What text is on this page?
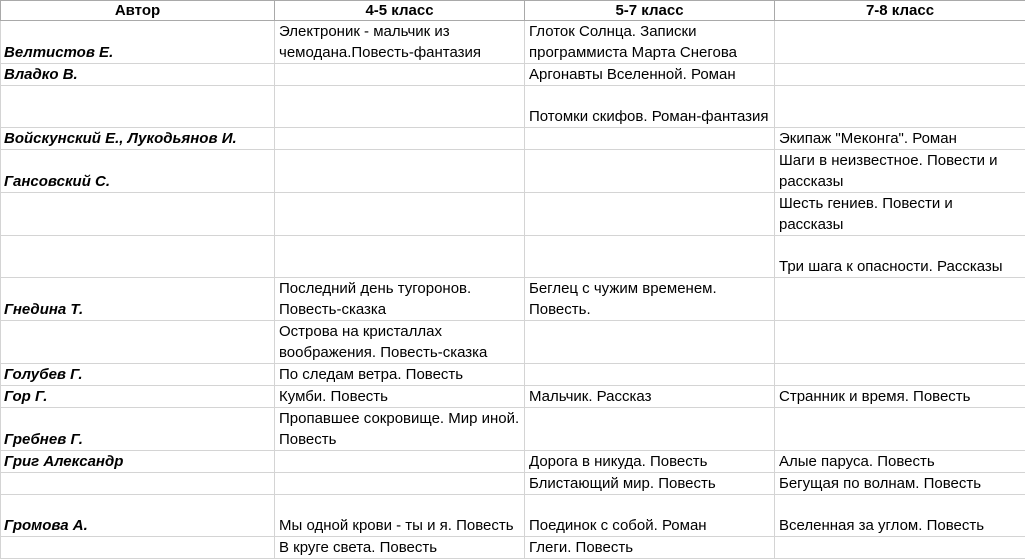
Автор	4-5 класс	5-7 класс	7-8 класс
Велтистов Е.	Электроник - мальчик из чемодана.Повесть-фантазия	Глоток Солнца. Записки программиста Марта Снегова	
Владко В.		Аргонавты Вселенной. Роман	
		Потомки скифов. Роман-фантазия	
Войскунский Е., Лукодьянов И.			Экипаж "Меконга". Роман
Гансовский С.			Шаги в неизвестное. Повести и рассказы
			Шесть гениев. Повести и рассказы
			Три шага к опасности. Рассказы
Гнедина Т.	Последний день тугоронов. Повесть-сказка	Беглец с чужим временем. Повесть.	
	Острова на кристаллах воображения. Повесть-сказка		
Голубев Г.	По следам ветра. Повесть		
Гор Г.	Кумби. Повесть	Мальчик. Рассказ	Странник и время. Повесть
Гребнев Г.	Пропавшее сокровище. Мир иной. Повесть		
Григ Александр		Дорога в никуда. Повесть	Алые паруса. Повесть
		Блистающий мир. Повесть	Бегущая по волнам. Повесть
Громова А.	Мы одной крови - ты и я. Повесть	Поединок с собой. Роман	Вселенная за углом. Повесть
	В круге света. Повесть	Глеги. Повесть	
